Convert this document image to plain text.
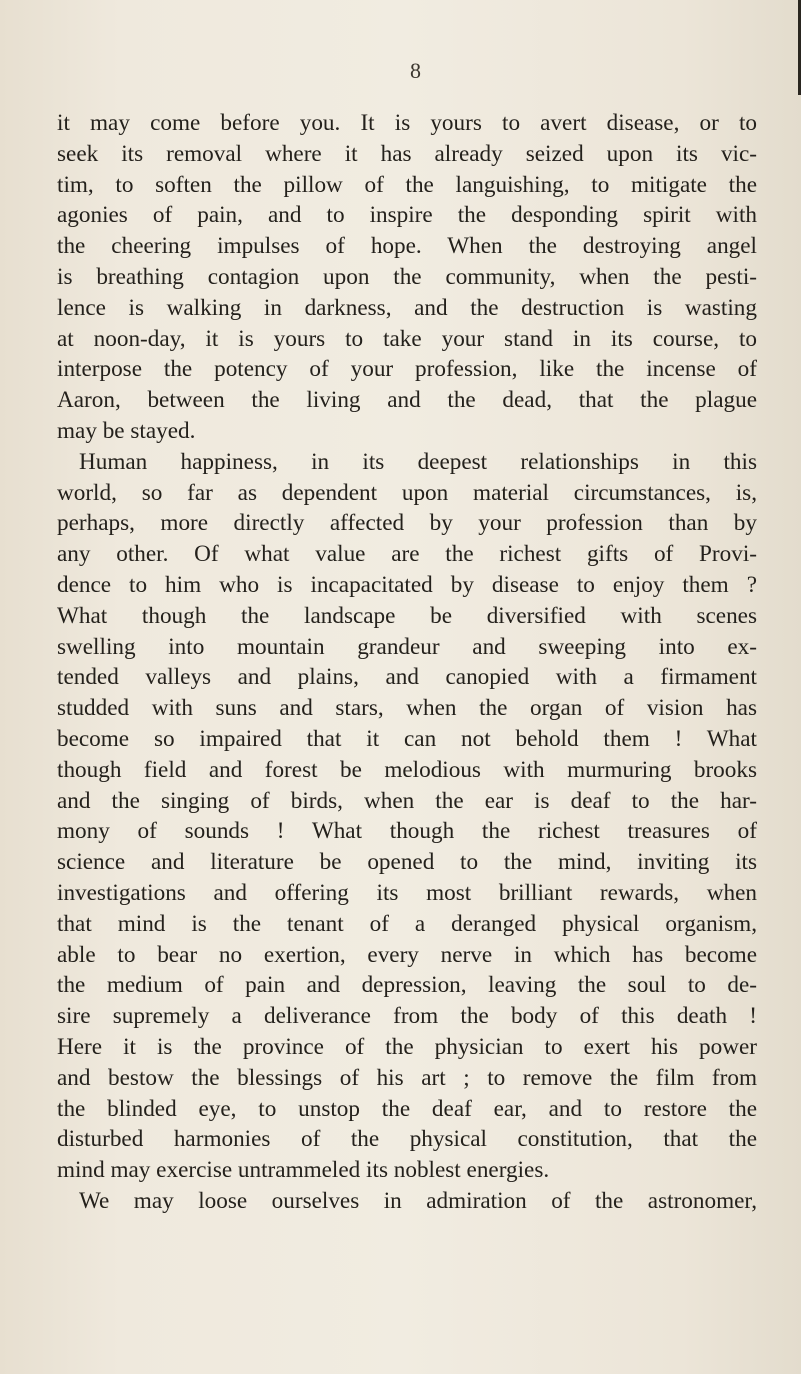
8
it may come before you. It is yours to avert disease, or to
seek its removal where it has already seized upon its vic-
tim, to soften the pillow of the languishing, to mitigate the
agonies of pain, and to inspire the desponding spirit with
the cheering impulses of hope. When the destroying angel
is breathing contagion upon the community, when the pesti-
lence is walking in darkness, and the destruction is wasting
at noon-day, it is yours to take your stand in its course, to
interpose the potency of your profession, like the incense of
Aaron, between the living and the dead, that the plague
may be stayed.
Human happiness, in its deepest relationships in this
world, so far as dependent upon material circumstances, is,
perhaps, more directly affected by your profession than by
any other. Of what value are the richest gifts of Provi-
dence to him who is incapacitated by disease to enjoy them ?
What though the landscape be diversified with scenes
swelling into mountain grandeur and sweeping into ex-
tended valleys and plains, and canopied with a firmament
studded with suns and stars, when the organ of vision has
become so impaired that it can not behold them ! What
though field and forest be melodious with murmuring brooks
and the singing of birds, when the ear is deaf to the har-
mony of sounds ! What though the richest treasures of
science and literature be opened to the mind, inviting its
investigations and offering its most brilliant rewards, when
that mind is the tenant of a deranged physical organism,
able to bear no exertion, every nerve in which has become
the medium of pain and depression, leaving the soul to de-
sire supremely a deliverance from the body of this death !
Here it is the province of the physician to exert his power
and bestow the blessings of his art ; to remove the film from
the blinded eye, to unstop the deaf ear, and to restore the
disturbed harmonies of the physical constitution, that the
mind may exercise untrammeled its noblest energies.
We may loose ourselves in admiration of the astronomer,
